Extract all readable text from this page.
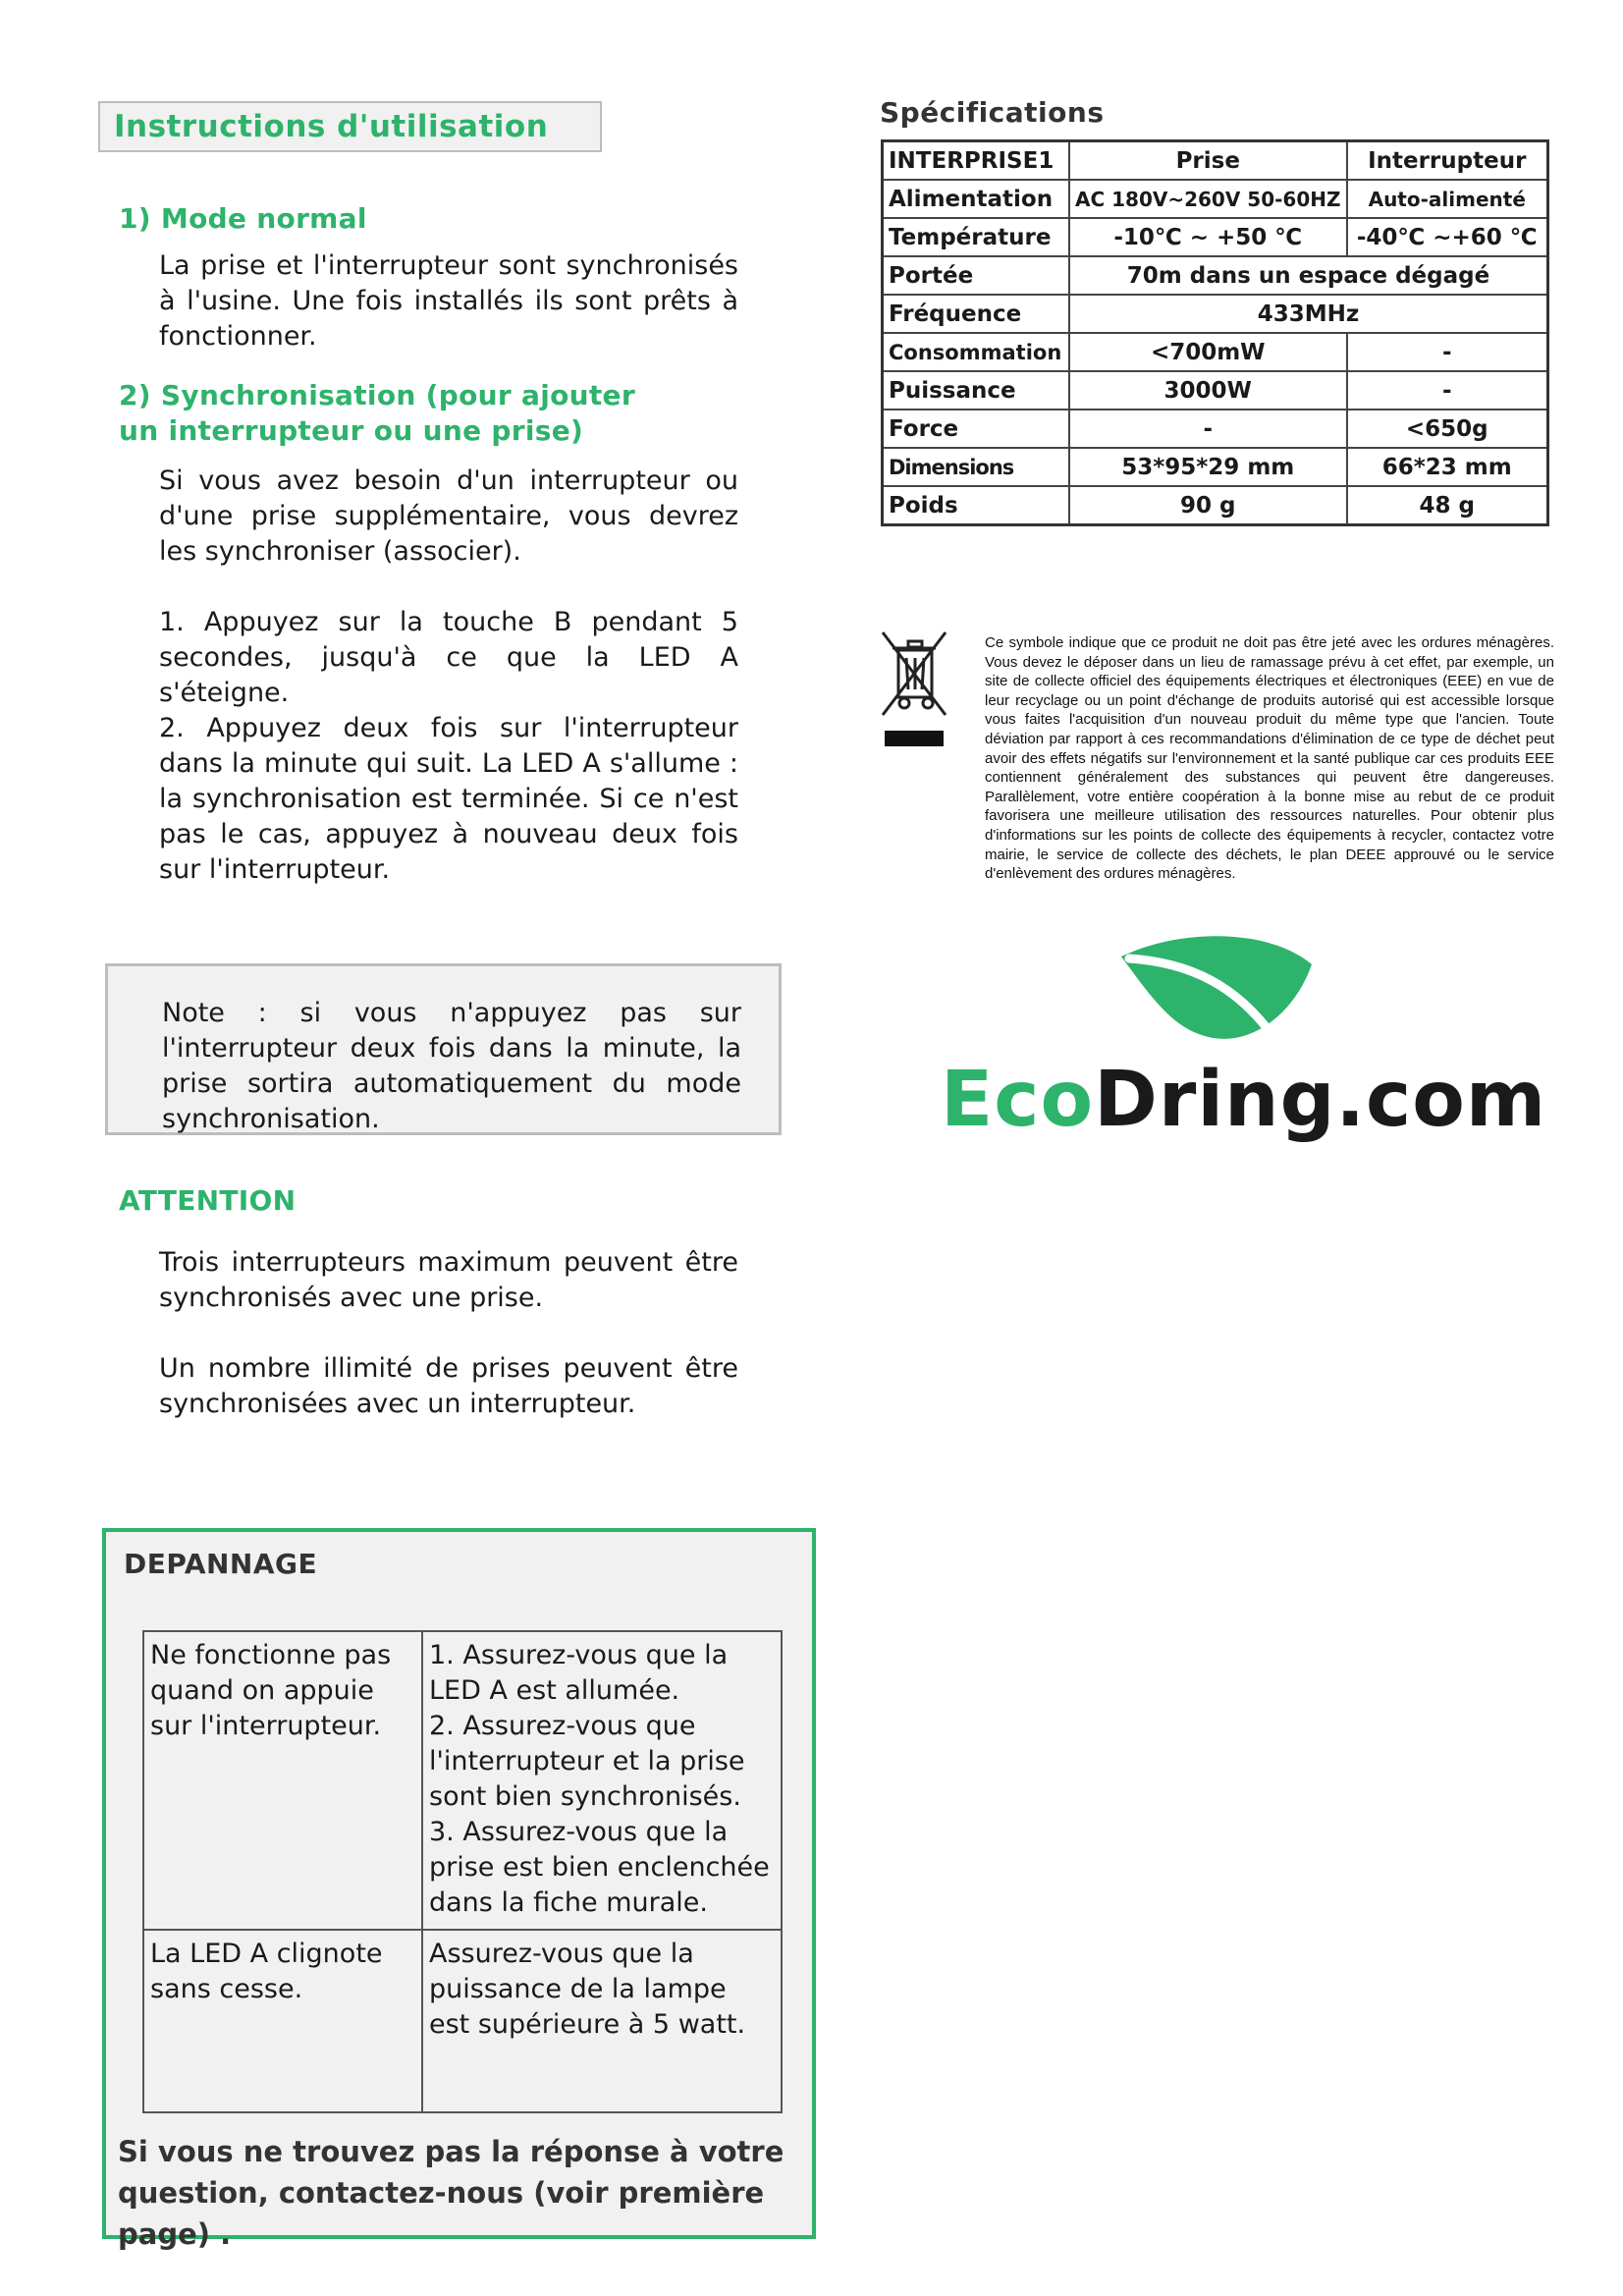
Instructions d'utilisation
1) Mode normal
La prise et l'interrupteur sont synchronisés à l'usine. Une fois installés ils sont prêts à fonctionner.
2) Synchronisation (pour ajouter
un interrupteur ou une prise)
Si vous avez besoin d'un interrupteur ou d'une prise supplémentaire, vous devrez les synchroniser (associer).
1. Appuyez sur la touche B pendant 5 secondes, jusqu'à ce que la LED A s'éteigne.
2. Appuyez deux fois sur l'interrupteur dans la minute qui suit. La LED A s'allume : la synchronisation est terminée. Si ce n'est pas le cas, appuyez à nouveau deux fois sur l'interrupteur.
Note : si vous n'appuyez pas sur l'interrupteur deux fois dans la minute, la prise sortira automatiquement du mode synchronisation.
ATTENTION
Trois interrupteurs maximum peuvent être synchronisés avec une prise.
Un nombre illimité de prises peuvent être synchronisées avec un interrupteur.
DEPANNAGE
Ne fonctionne pas quand on appuie sur l'interrupteur.	1. Assurez-vous que la LED A est allumée.
2. Assurez-vous que l'interrupteur et la prise sont bien synchronisés.
3. Assurez-vous que la prise est bien enclenchée dans la fiche murale.

La LED A clignote sans cesse.	Assurez-vous que la puissance de la lampe est supérieure à 5 watt.
Si vous ne trouvez pas la réponse à votre question, contactez-nous (voir première page) .
Spécifications
INTERPRISE1	Prise	Interrupteur
Alimentation	AC 180V~260V 50-60HZ	Auto-alimenté
Température	-10℃ ~ +50 ℃	-40℃ ~+60 ℃
Portée	70m dans un espace dégagé	
Fréquence	433MHz	
Consommation	<700mW	-
Puissance	3000W	-
Force	-	<650g
Dimensions	53*95*29 mm	66*23 mm
Poids	90 g	48 g
Ce symbole indique que ce produit ne doit pas être jeté avec les ordures ménagères. Vous devez le déposer dans un lieu de ramassage prévu à cet effet, par exemple, un site de collecte officiel des équipements électriques et électroniques (EEE) en vue de leur recyclage ou un point d'échange de produits autorisé qui est accessible lorsque vous faites l'acquisition d'un nouveau produit du même type que l'ancien. Toute déviation par rapport à ces recommandations d'élimination de ce type de déchet peut avoir des effets négatifs sur l'environnement et la santé publique car ces produits EEE contiennent généralement des substances qui peuvent être dangereuses. Parallèlement, votre entière coopération à la bonne mise au rebut de ce produit favorisera une meilleure utilisation des ressources naturelles. Pour obtenir plus d'informations sur les points de collecte des équipements à recycler, contactez votre mairie, le service de collecte des déchets, le plan DEEE approuvé ou le service d'enlèvement des ordures ménagères.
EcoDring.com
